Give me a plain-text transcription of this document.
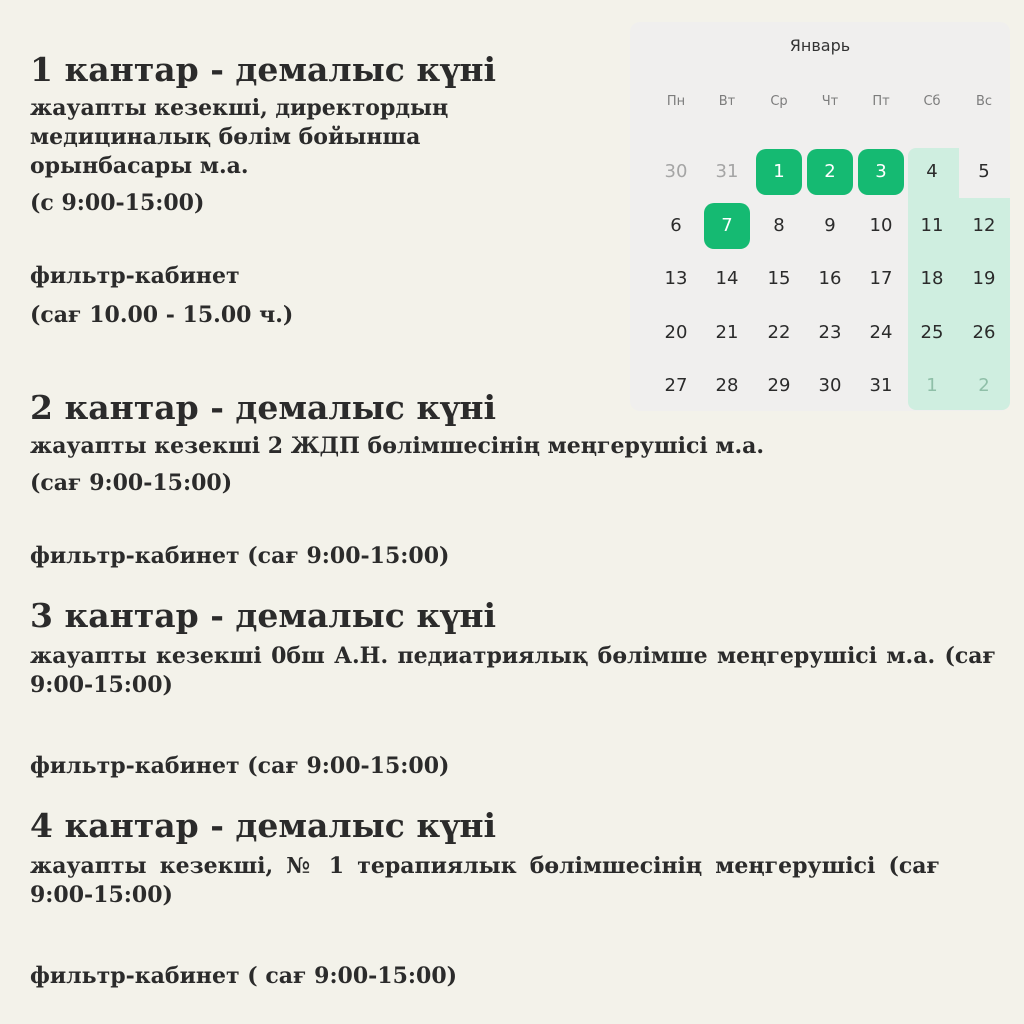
1 кантар - демалыс күні
жауапты кезекші, директордың
медициналық бөлім бойынша
орынбасары м.а.

(с 9:00-15:00)

фильтр-кабинет

(сағ 10.00 - 15.00 ч.)

2 кантар - демалыс күні

жауапты кезекші 2 ЖДП бөлімшесінің меңгерушісі м.а.

(сағ 9:00-15:00)

фильтр-кабинет (сағ 9:00-15:00)

3 кантар - демалыс күні

жауапты кезекші 0бш А.Н. педиатриялық бөлімше меңгерушісі м.а. (сағ 9:00-15:00)

фильтр-кабинет (сағ 9:00-15:00)

4 кантар - демалыс күні

жауапты кезекші, № 1 терапиялык бөлімшесінің меңгерушісі (сағ 9:00-15:00)

фильтр-кабинет ( сағ 9:00-15:00)

Январь
Пн	Вт	Ср	Чт	Пт	Сб	Вс
30	31	1	2	3	4	5
6	7	8	9	10	11	12
13	14	15	16	17	18	19
20	21	22	23	24	25	26
27	28	29	30	31	1	2
